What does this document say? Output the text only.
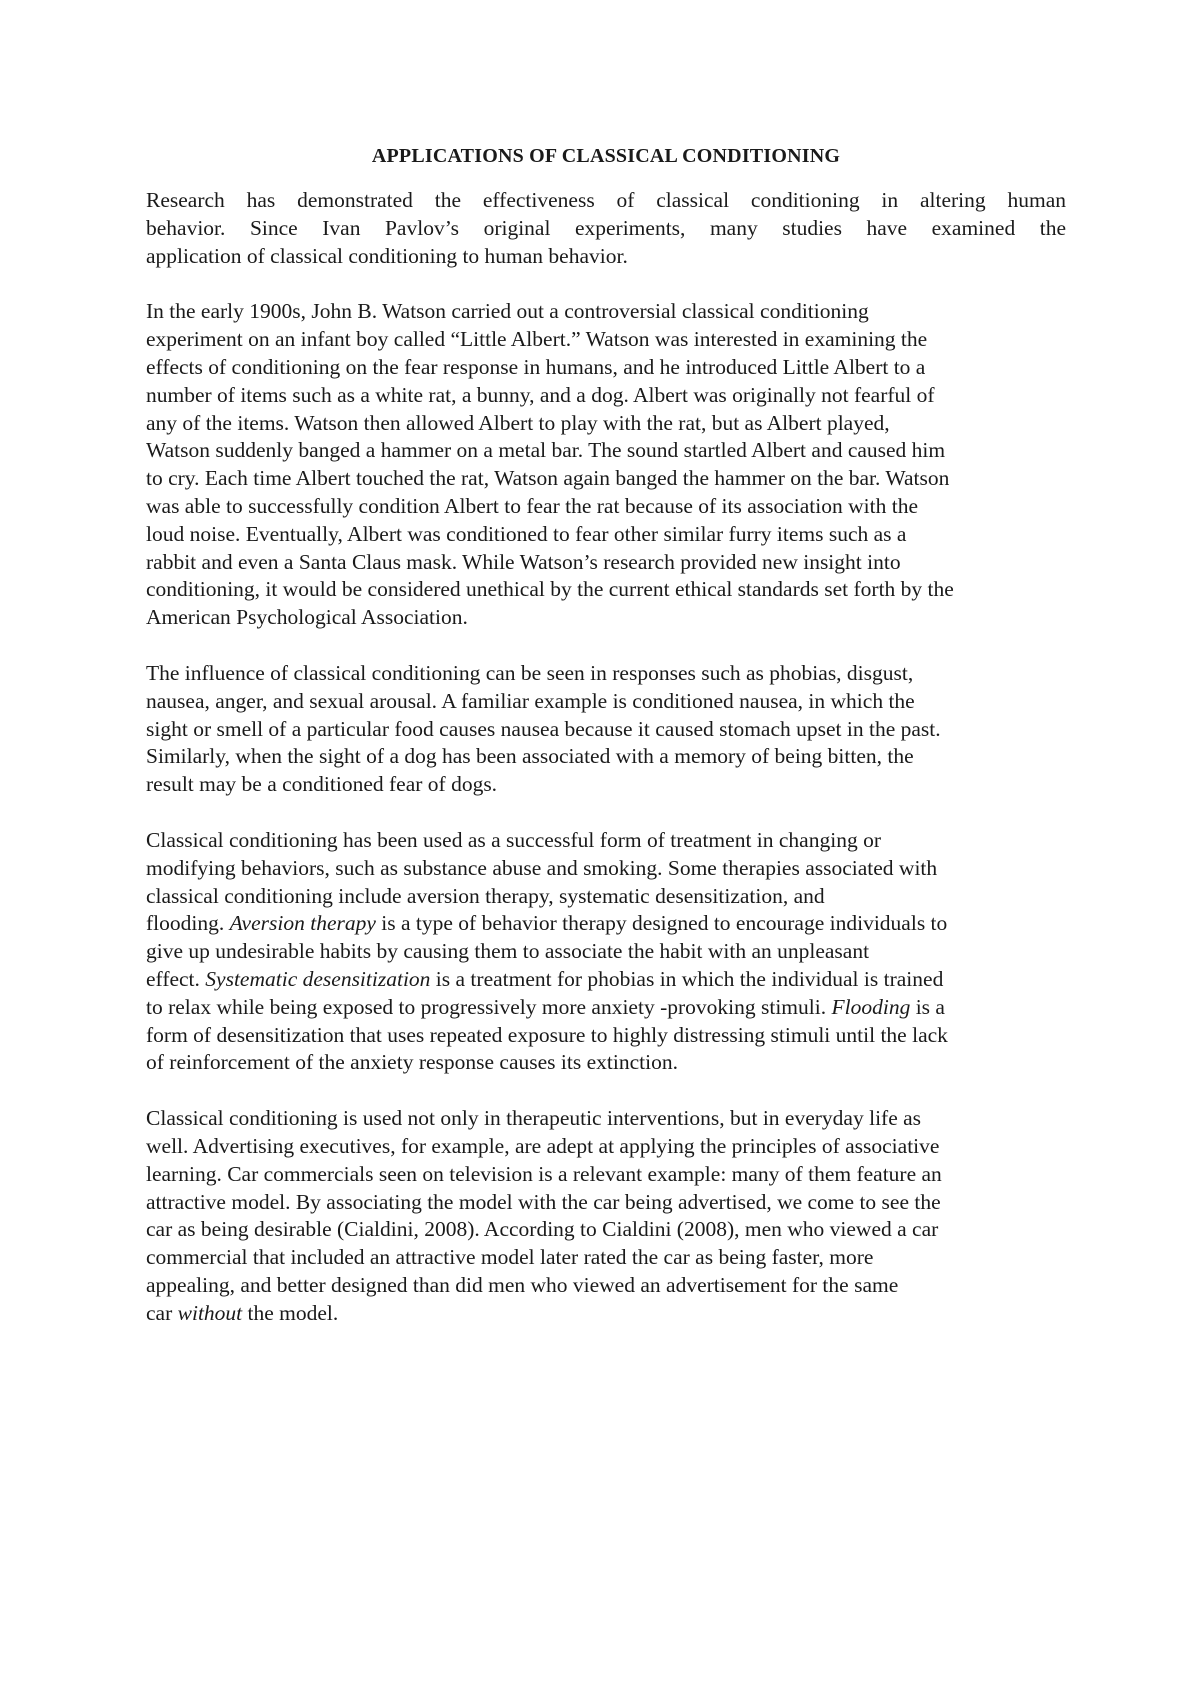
APPLICATIONS OF CLASSICAL CONDITIONING

Research has demonstrated the effectiveness of classical conditioning in altering human
behavior. Since Ivan Pavlov’s original experiments, many studies have examined the
application of classical conditioning to human behavior.

In the early 1900s, John B. Watson carried out a controversial classical conditioning
experiment on an infant boy called “Little Albert.” Watson was interested in examining the
effects of conditioning on the fear response in humans, and he introduced Little Albert to a
number of items such as a white rat, a bunny, and a dog. Albert was originally not fearful of
any of the items. Watson then allowed Albert to play with the rat, but as Albert played,
Watson suddenly banged a hammer on a metal bar. The sound startled Albert and caused him
to cry. Each time Albert touched the rat, Watson again banged the hammer on the bar. Watson
was able to successfully condition Albert to fear the rat because of its association with the
loud noise. Eventually, Albert was conditioned to fear other similar furry items such as a
rabbit and even a Santa Claus mask. While Watson’s research provided new insight into
conditioning, it would be considered unethical by the current ethical standards set forth by the
American Psychological Association.

The influence of classical conditioning can be seen in responses such as phobias, disgust,
nausea, anger, and sexual arousal. A familiar example is conditioned nausea, in which the
sight or smell of a particular food causes nausea because it caused stomach upset in the past.
Similarly, when the sight of a dog has been associated with a memory of being bitten, the
result may be a conditioned fear of dogs.

Classical conditioning has been used as a successful form of treatment in changing or
modifying behaviors, such as substance abuse and smoking. Some therapies associated with
classical conditioning include aversion therapy, systematic desensitization, and
flooding. Aversion therapy is a type of behavior therapy designed to encourage individuals to
give up undesirable habits by causing them to associate the habit with an unpleasant
effect. Systematic desensitization is a treatment for phobias in which the individual is trained
to relax while being exposed to progressively more anxiety -provoking stimuli. Flooding is a
form of desensitization that uses repeated exposure to highly distressing stimuli until the lack
of reinforcement of the anxiety response causes its extinction.

Classical conditioning is used not only in therapeutic interventions, but in everyday life as
well. Advertising executives, for example, are adept at applying the principles of associative
learning. Car commercials seen on television is a relevant example: many of them feature an
attractive model. By associating the model with the car being advertised, we come to see the
car as being desirable (Cialdini, 2008). According to Cialdini (2008), men who viewed a car
commercial that included an attractive model later rated the car as being faster, more
appealing, and better designed than did men who viewed an advertisement for the same
car without the model.
